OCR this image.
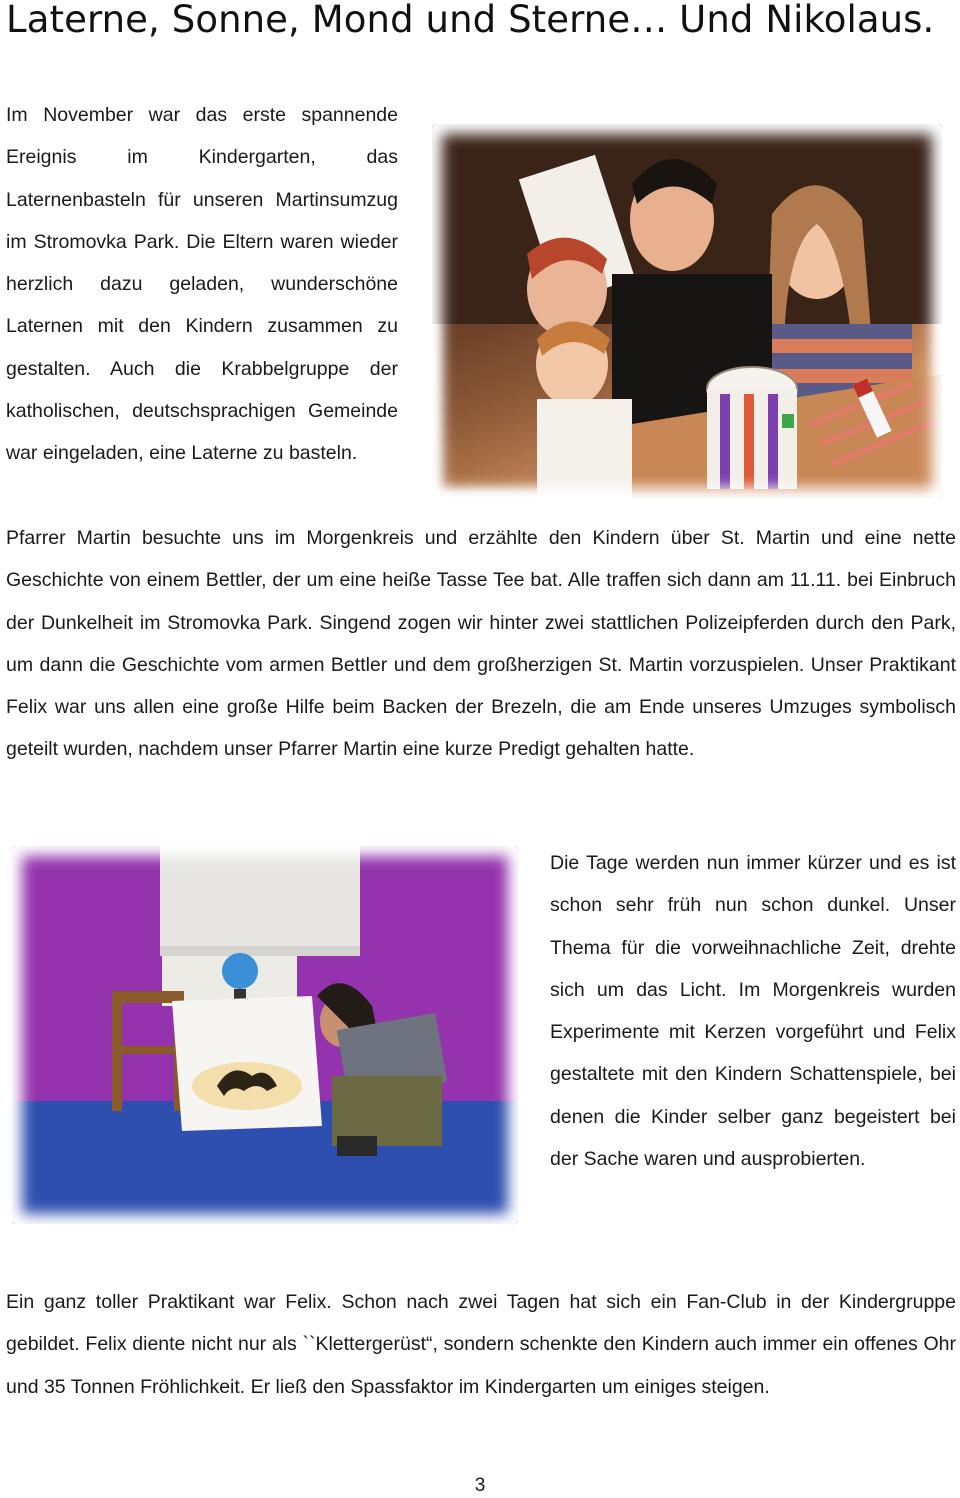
Laterne, Sonne, Mond und Sterne… Und Nikolaus.

Im November war das erste spannende Ereignis im Kindergarten, das Laternenbasteln für unseren Martinsumzug im Stromovka Park. Die Eltern waren wieder herzlich dazu geladen, wunderschöne Laternen mit den Kindern zusammen zu gestalten. Auch die Krabbelgruppe der katholischen, deutschsprachigen Gemeinde war eingeladen, eine Laterne zu basteln.

Pfarrer Martin besuchte uns im Morgenkreis und erzählte den Kindern über St. Martin und eine nette Geschichte von einem Bettler, der um eine heiße Tasse Tee bat. Alle traffen sich dann am 11.11. bei Einbruch der Dunkelheit im Stromovka Park. Singend zogen wir hinter zwei stattlichen Polizeipferden durch den Park, um dann die Geschichte vom armen Bettler und dem großherzigen St. Martin vorzuspielen. Unser Praktikant Felix war uns allen eine große Hilfe beim Backen der Brezeln, die am Ende unseres Umzuges symbolisch geteilt wurden, nachdem unser Pfarrer Martin eine kurze Predigt gehalten hatte.

Die Tage werden nun immer kürzer und es ist schon sehr früh nun schon dunkel. Unser Thema für die vorweihnachliche Zeit, drehte sich um das Licht. Im Morgenkreis wurden Experimente mit Kerzen vorgeführt und Felix gestaltete mit den Kindern Schattenspiele, bei denen die Kinder selber ganz begeistert bei der Sache waren und ausprobierten.

Ein ganz toller Praktikant war Felix. Schon nach zwei Tagen hat sich ein Fan-Club in der Kindergruppe gebildet. Felix diente nicht nur als ``Klettergerüst“, sondern schenkte den Kindern auch immer ein offenes Ohr und 35 Tonnen Fröhlichkeit. Er ließ den Spassfaktor im Kindergarten um einiges steigen.

3
